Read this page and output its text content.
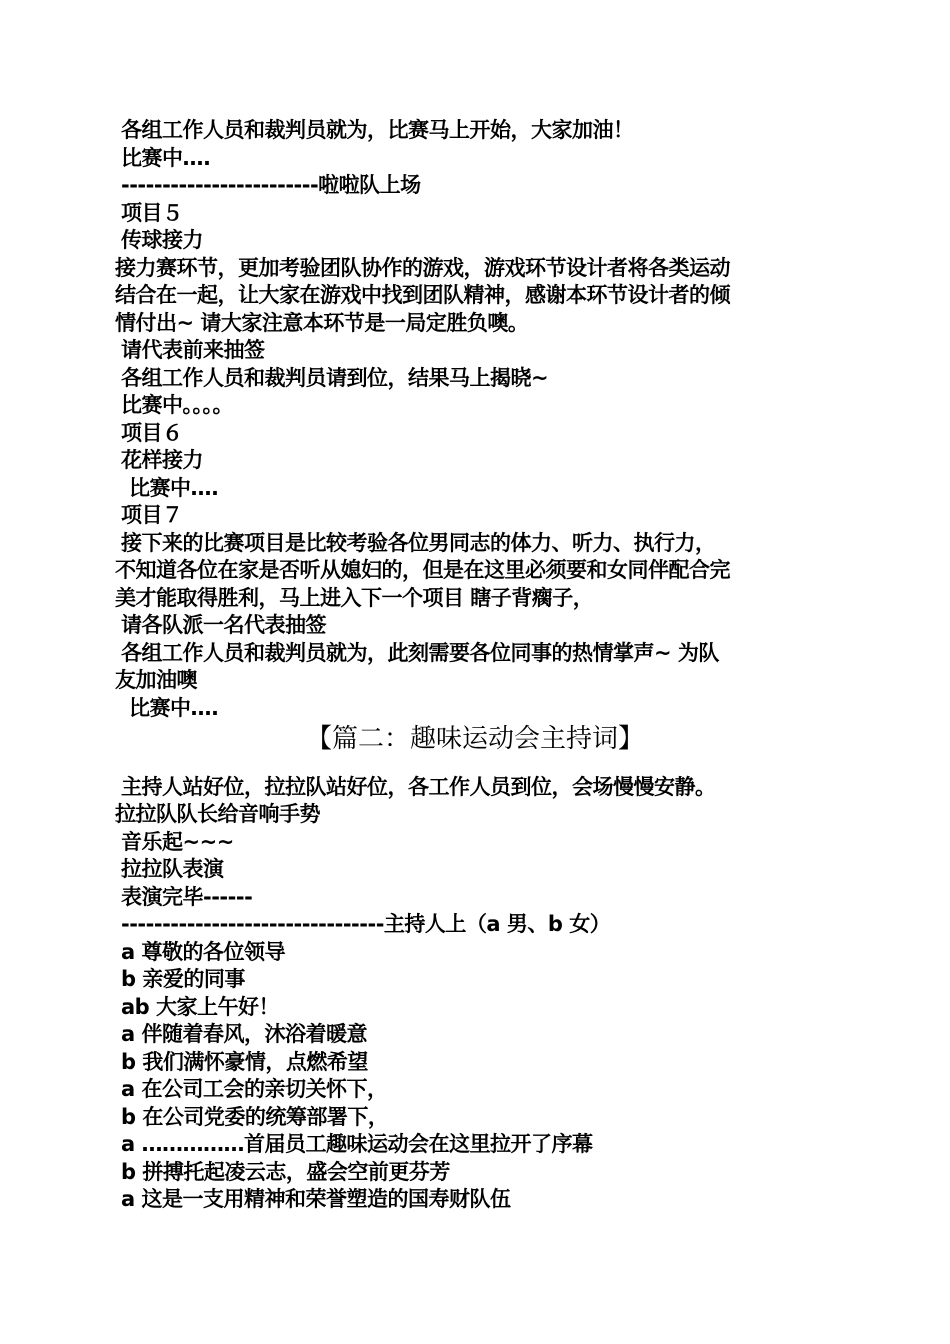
各组工作人员和裁判员就为，比赛马上开始，大家加油！
比赛中….
------------------------啦啦队上场
项目５
传球接力
接力赛环节，更加考验团队协作的游戏，游戏环节设计者将各类运动
结合在一起，让大家在游戏中找到团队精神，感谢本环节设计者的倾
情付出~ 请大家注意本环节是一局定胜负噢。
请代表前来抽签
各组工作人员和裁判员请到位，结果马上揭晓~
比赛中。。。。
项目６
花样接力
比赛中….
项目７
接下来的比赛项目是比较考验各位男同志的体力、听力、执行力，
不知道各位在家是否听从媳妇的，但是在这里必须要和女同伴配合完
美才能取得胜利，马上进入下一个项目 瞎子背瘸子，
请各队派一名代表抽签
各组工作人员和裁判员就为，此刻需要各位同事的热情掌声~ 为队
友加油噢
比赛中….
【篇二：趣味运动会主持词】
主持人站好位，拉拉队站好位，各工作人员到位，会场慢慢安静。
拉拉队队长给音响手势
音乐起~~~
拉拉队表演
表演完毕------
--------------------------------主持人上（a 男、b 女）
a 尊敬的各位领导
b 亲爱的同事
ab 大家上午好！
a 伴随着春风，沐浴着暖意
b 我们满怀豪情，点燃希望
a 在公司工会的亲切关怀下，
b 在公司党委的统筹部署下，
a ……………首届员工趣味运动会在这里拉开了序幕
b 拼搏托起凌云志，盛会空前更芬芳
a 这是一支用精神和荣誉塑造的国寿财队伍
